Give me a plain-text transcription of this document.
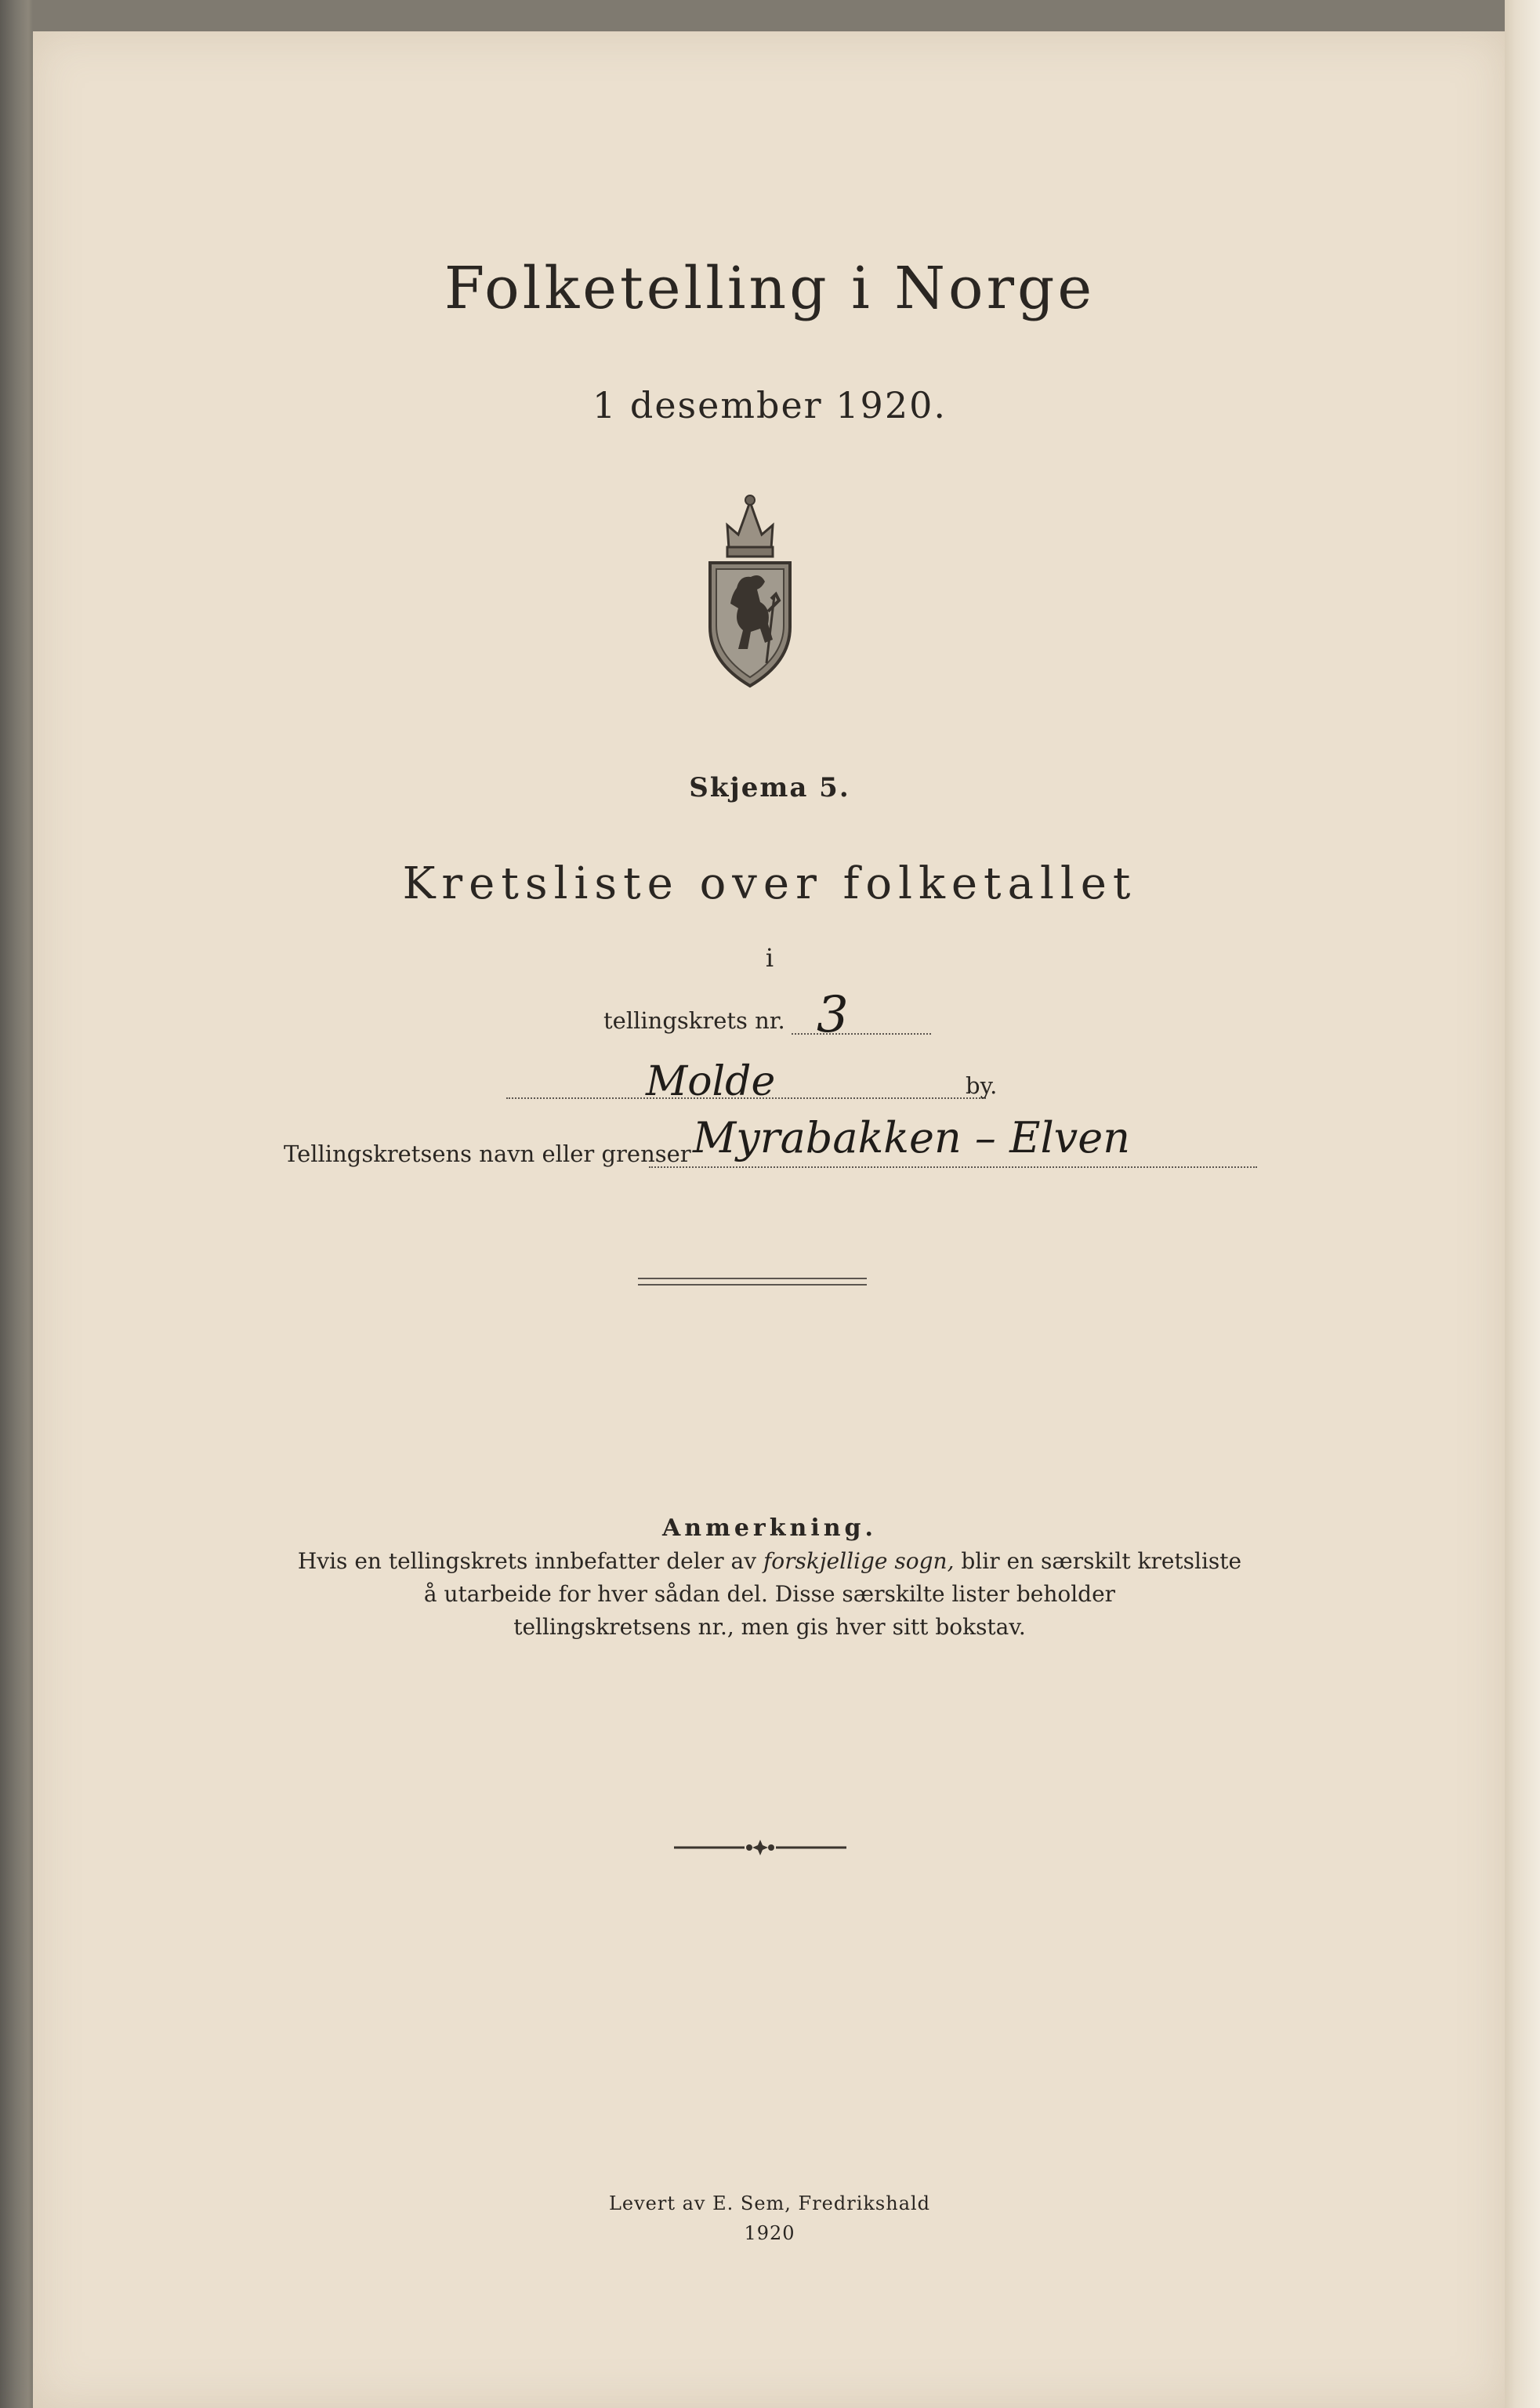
Folketelling i Norge
1 desember 1920.
Skjema 5.
Kretsliste over folketallet
i
tellingskrets nr. 3
Molde	by.
Tellingskretsens navn eller grenser Myrabakken – Elven
Anmerkning.
Hvis en tellingskrets innbefatter deler av forskjellige sogn, blir en særskilt kretsliste
å utarbeide for hver sådan del. Disse særskilte lister beholder
tellingskretsens nr., men gis hver sitt bokstav.
Levert av E. Sem, Fredrikshald
1920
